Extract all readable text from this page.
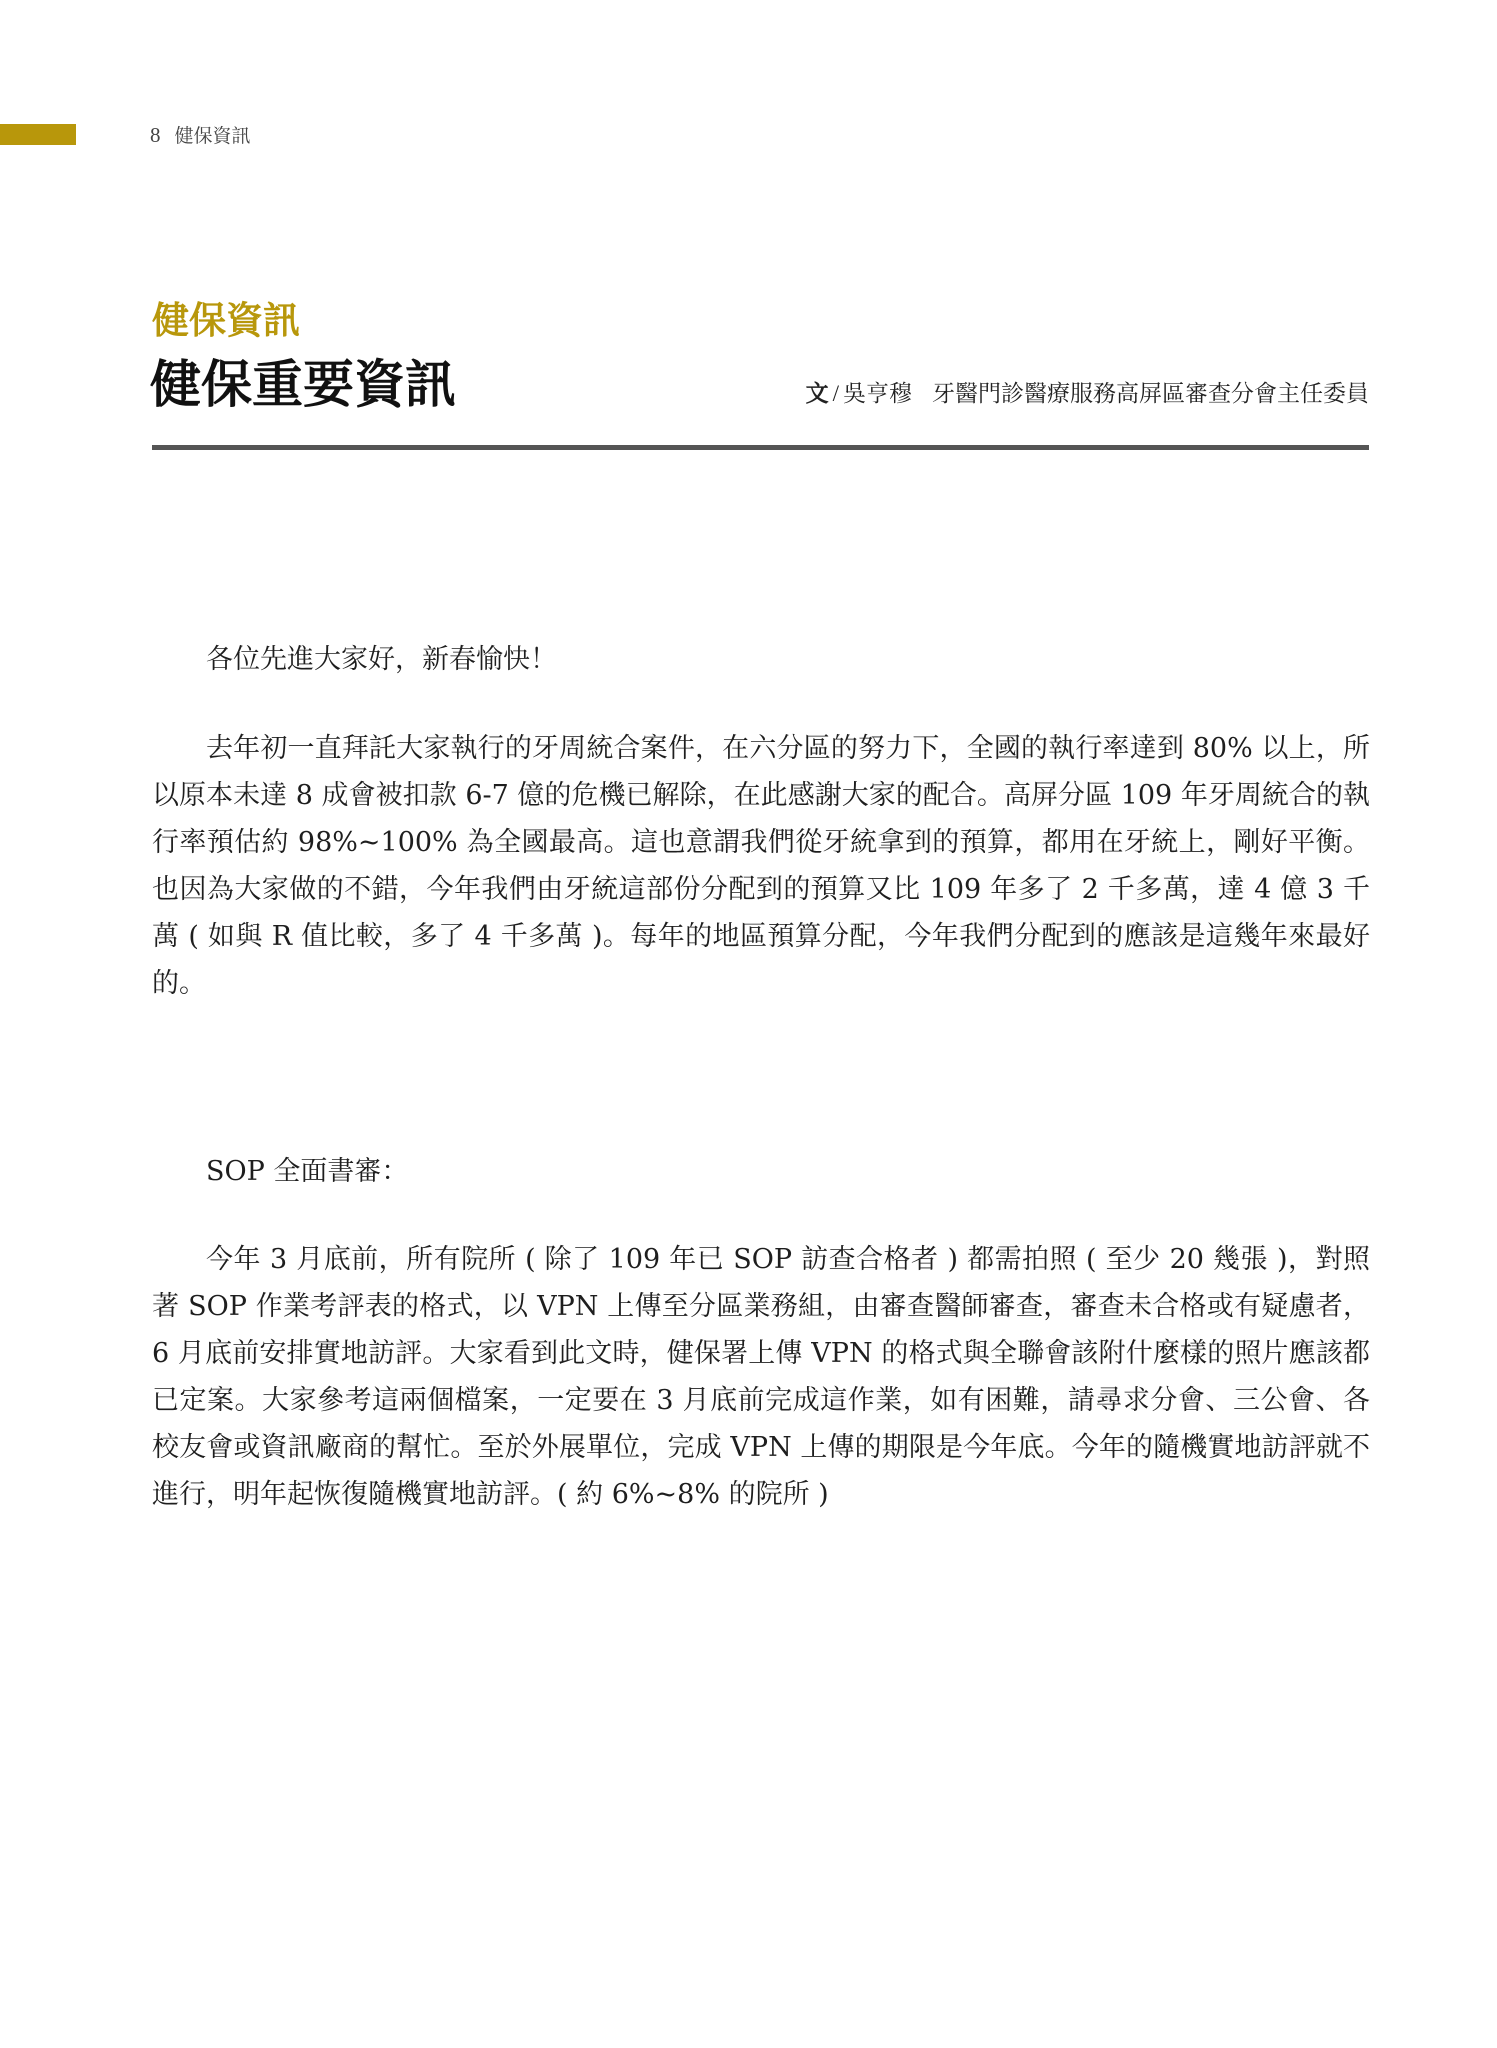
8 健保資訊
健保資訊
健保重要資訊	文 / 吳亨穆 牙醫門診醫療服務高屏區審查分會主任委員

各位先進大家好，新春愉快！

去年初一直拜託大家執行的牙周統合案件，在六分區的努力下，全國的執行率達到 80% 以上，所以原本未達 8 成會被扣款 6-7 億的危機已解除，在此感謝大家的配合。高屏分區 109 年牙周統合的執行率預估約 98%~100% 為全國最高。這也意謂我們從牙統拿到的預算，都用在牙統上，剛好平衡。也因為大家做的不錯，今年我們由牙統這部份分配到的預算又比 109 年多了 2 千多萬，達 4 億 3 千萬 ( 如與 R 值比較，多了 4 千多萬 )。每年的地區預算分配，今年我們分配到的應該是這幾年來最好的。

SOP 全面書審：

今年 3 月底前，所有院所 ( 除了 109 年已 SOP 訪查合格者 ) 都需拍照 ( 至少 20 幾張 )，對照著 SOP 作業考評表的格式，以 VPN 上傳至分區業務組，由審查醫師審查，審查未合格或有疑慮者，6 月底前安排實地訪評。大家看到此文時，健保署上傳 VPN 的格式與全聯會該附什麼樣的照片應該都已定案。大家參考這兩個檔案，一定要在 3 月底前完成這作業，如有困難，請尋求分會、三公會、各校友會或資訊廠商的幫忙。至於外展單位，完成 VPN 上傳的期限是今年底。今年的隨機實地訪評就不進行，明年起恢復隨機實地訪評。( 約 6%~8% 的院所 )
